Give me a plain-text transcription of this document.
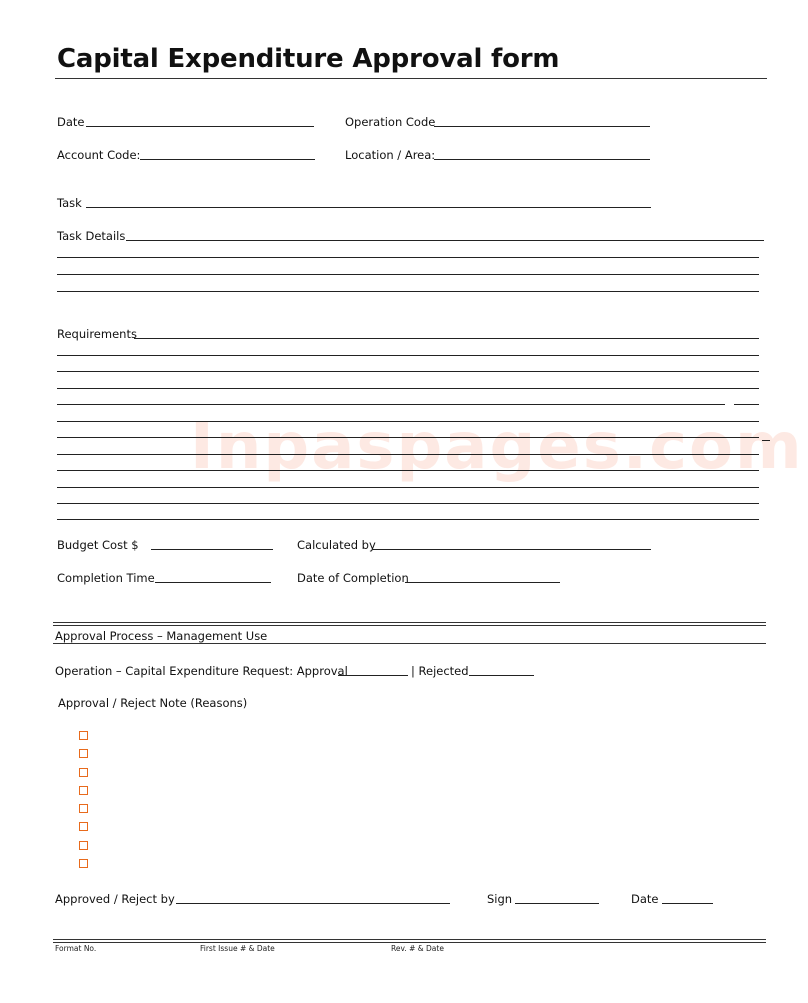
Inpaspages.com
Capital Expenditure Approval form
Date	Operation Code
Account Code:	Location / Area:
Task
Task Details
Requirements
Budget Cost $	Calculated by
Completion Time	Date of Completion
Approval Process – Management Use
Operation – Capital Expenditure Request: Approval	| Rejected
Approval / Reject Note (Reasons)
Approved / Reject by	Sign	Date
Format No.	First Issue # & Date	Rev. # & Date
